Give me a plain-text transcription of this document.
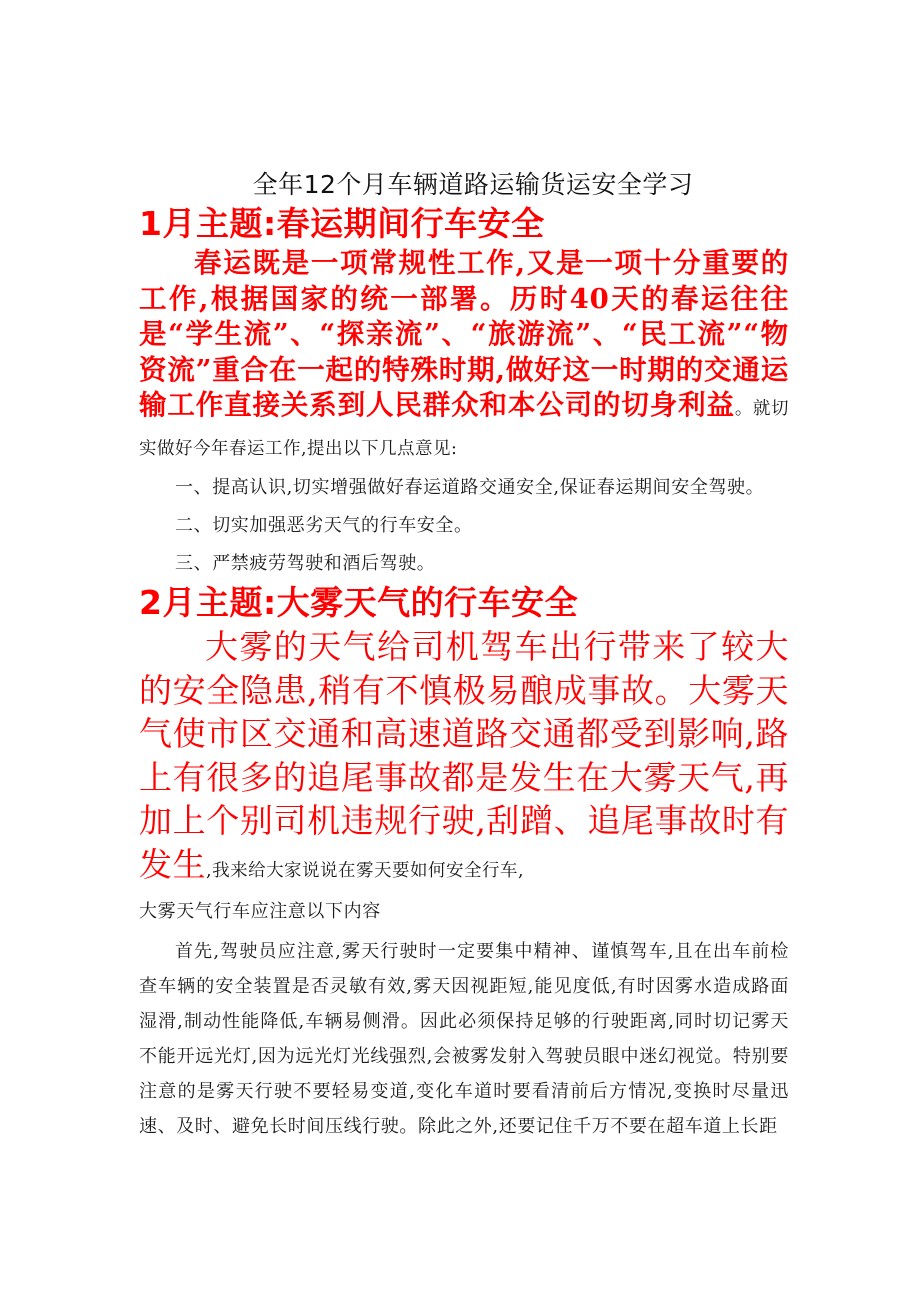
全年12个月车辆道路运输货运安全学习
1月主题:春运期间行车安全

春运既是一项常规性工作,又是一项十分重要的工作,根据国家的统一部署。历时40天的春运往往是“学生流”、“探亲流”、“旅游流”、“民工流”“物资流”重合在一起的特殊时期,做好这一时期的交通运输工作直接关系到人民群众和本公司的切身利益。就切实做好今年春运工作,提出以下几点意见:

一、提高认识,切实增强做好春运道路交通安全,保证春运期间安全驾驶。

二、切实加强恶劣天气的行车安全。

三、严禁疲劳驾驶和酒后驾驶。

2月主题:大雾天气的行车安全

大雾的天气给司机驾车出行带来了较大的安全隐患,稍有不慎极易酿成事故。大雾天气使市区交通和高速道路交通都受到影响,路上有很多的追尾事故都是发生在大雾天气,再加上个别司机违规行驶,刮蹭、追尾事故时有发生,我来给大家说说在雾天要如何安全行车,

大雾天气行车应注意以下内容

首先,驾驶员应注意,雾天行驶时一定要集中精神、谨慎驾车,且在出车前检查车辆的安全装置是否灵敏有效,雾天因视距短,能见度低,有时因雾水造成路面湿滑,制动性能降低,车辆易侧滑。因此必须保持足够的行驶距离,同时切记雾天不能开远光灯,因为远光灯光线强烈,会被雾发射入驾驶员眼中迷幻视觉。特别要注意的是雾天行驶不要轻易变道,变化车道时要看清前后方情况,变换时尽量迅速、及时、避免长时间压线行驶。除此之外,还要记住千万不要在超车道上长距
